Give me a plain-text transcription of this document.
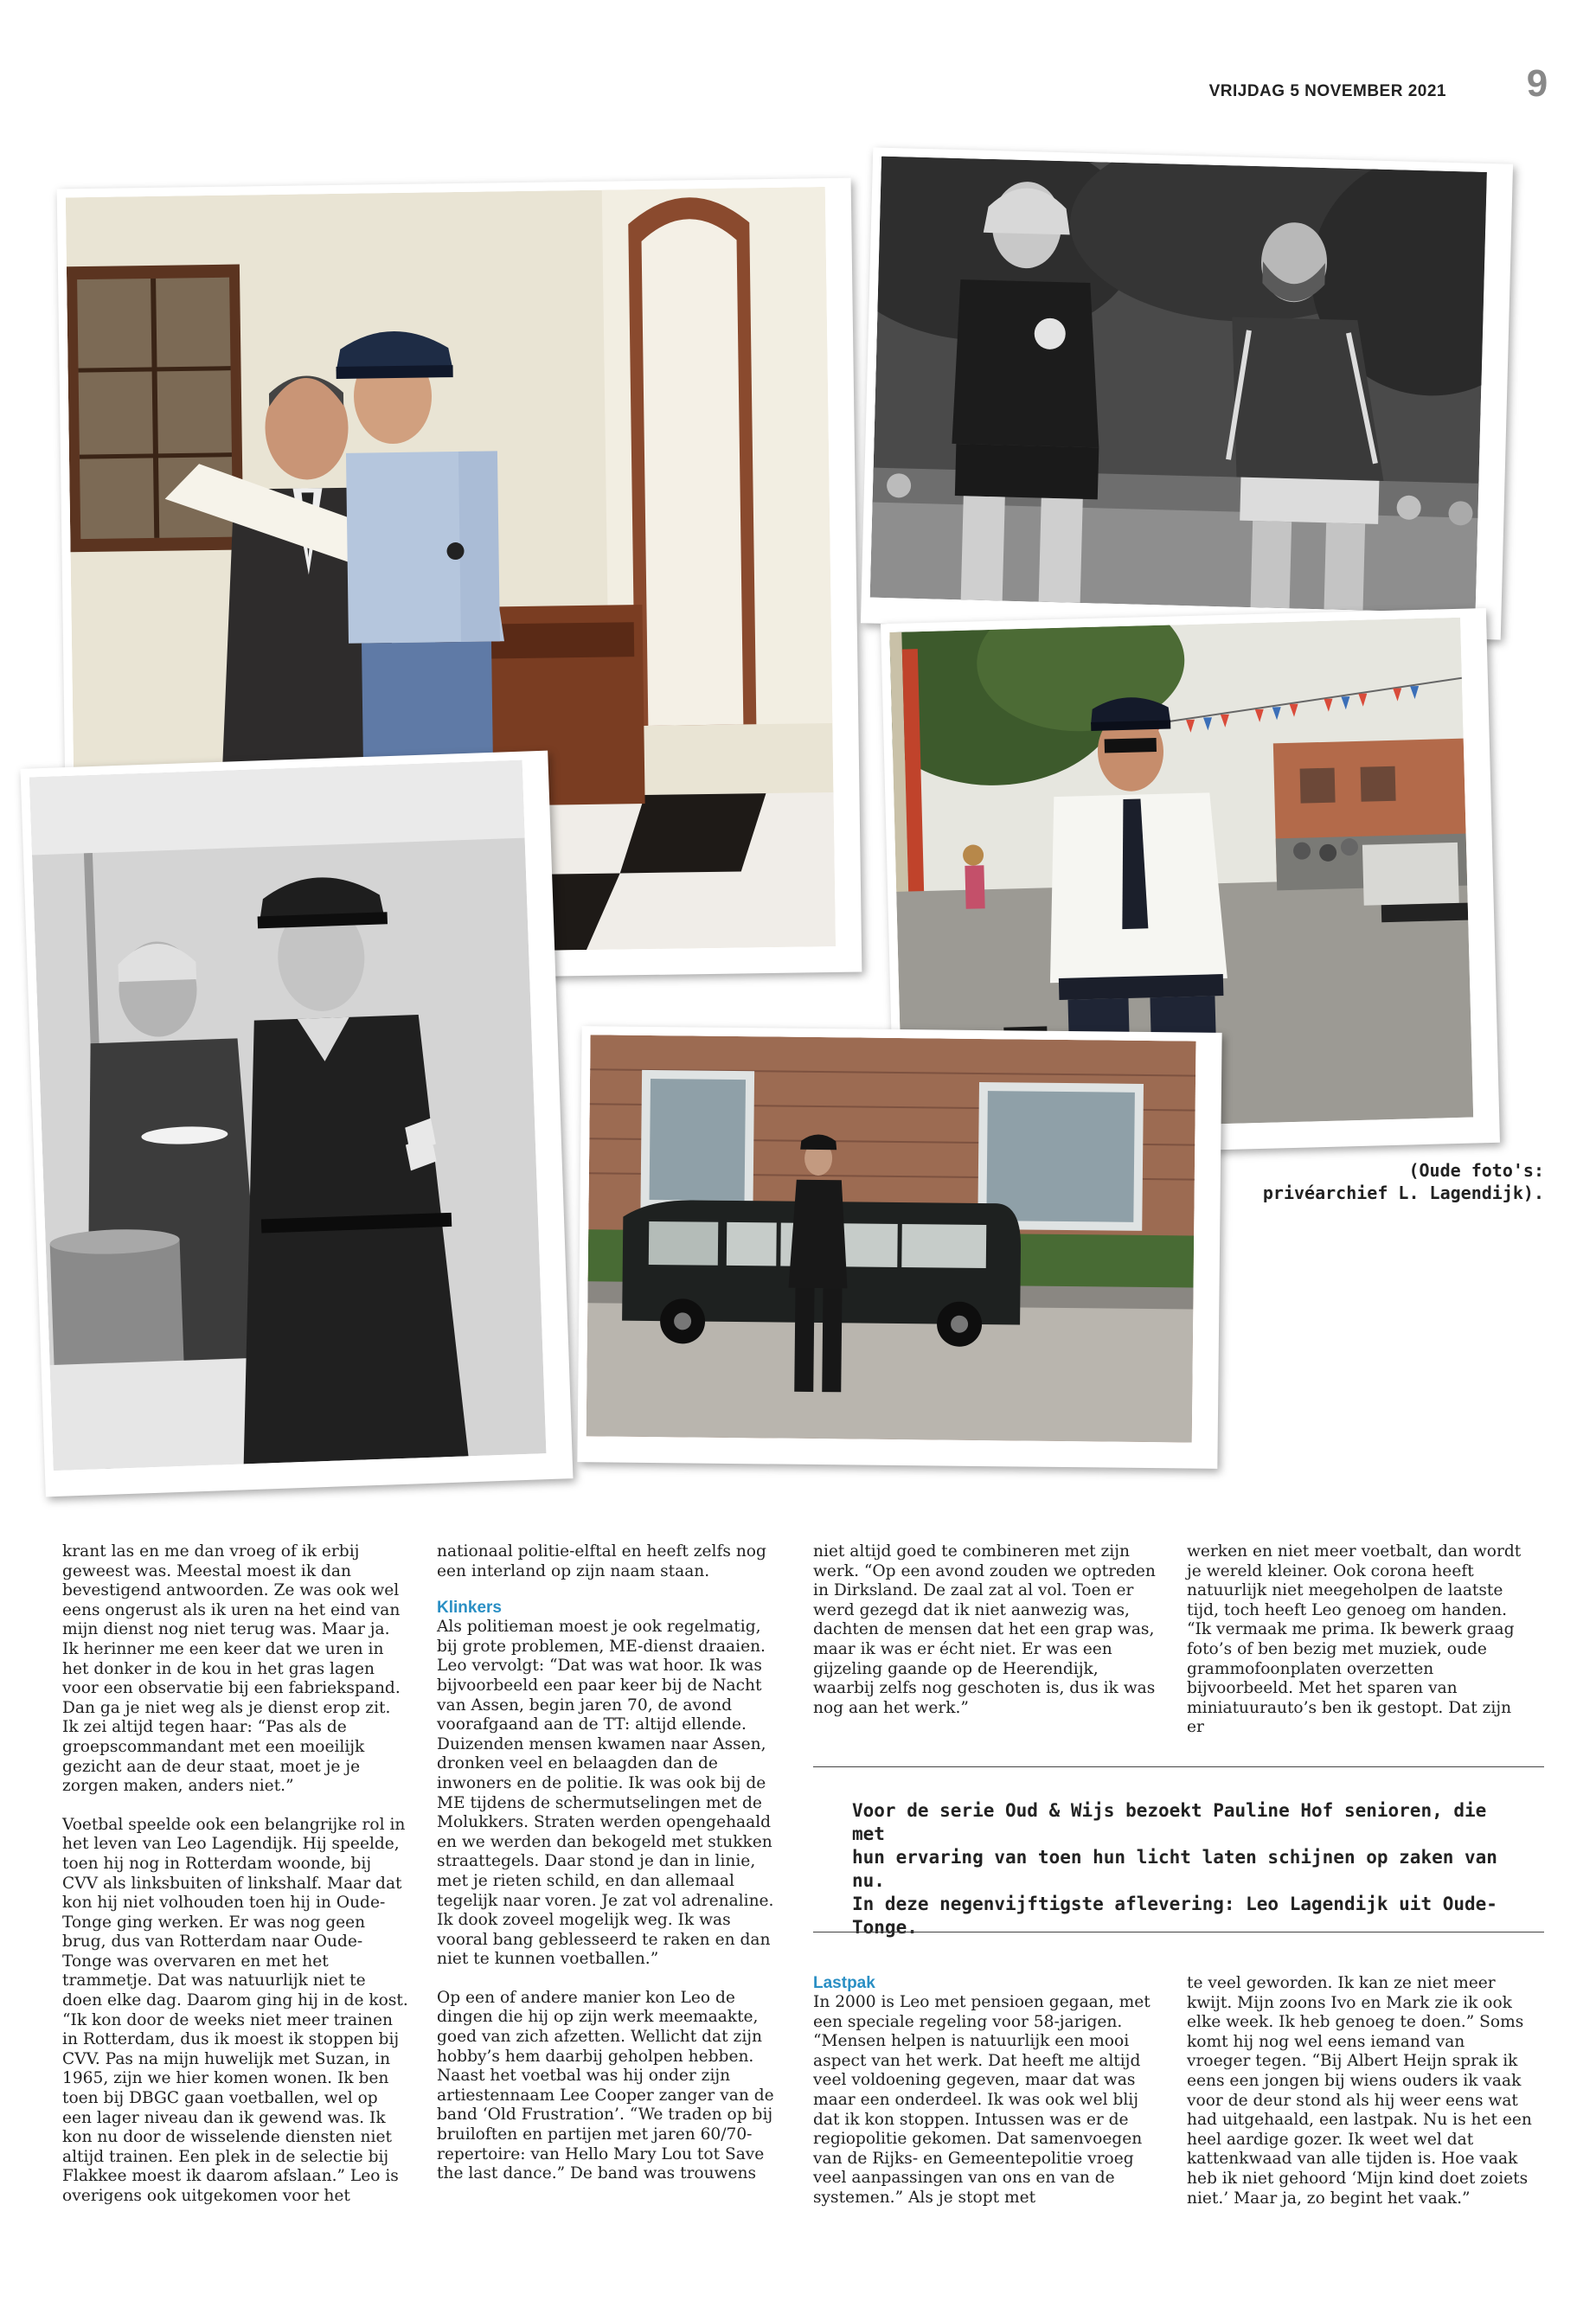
VRIJDAG 5 NOVEMBER 2021 9
(Oude foto's:
privéarchief L. Lagendijk).

krant las en me dan vroeg of ik erbij geweest was. Meestal moest ik dan bevestigend antwoorden. Ze was ook wel eens ongerust als ik uren na het eind van mijn dienst nog niet terug was. Maar ja. Ik herinner me een keer dat we uren in het donker in de kou in het gras lagen voor een observatie bij een fabriekspand. Dan ga je niet weg als je dienst erop zit. Ik zei altijd tegen haar: “Pas als de groepscommandant met een moeilijk gezicht aan de deur staat, moet je je zorgen maken, anders niet.”

Voetbal speelde ook een belangrijke rol in het leven van Leo Lagendijk. Hij speelde, toen hij nog in Rotterdam woonde, bij CVV als linksbuiten of linkshalf. Maar dat kon hij niet volhouden toen hij in Oude-Tonge ging werken. Er was nog geen brug, dus van Rotterdam naar Oude-Tonge was overvaren en met het trammetje. Dat was natuurlijk niet te doen elke dag. Daarom ging hij in de kost. “Ik kon door de weeks niet meer trainen in Rotterdam, dus ik moest ik stoppen bij CVV. Pas na mijn huwelijk met Suzan, in 1965, zijn we hier komen wonen. Ik ben toen bij DBGC gaan voetballen, wel op een lager niveau dan ik gewend was. Ik kon nu door de wisselende diensten niet altijd trainen. Een plek in de selectie bij Flakkee moest ik daarom afslaan.” Leo is overigens ook uitgekomen voor het

nationaal politie-elftal en heeft zelfs nog een interland op zijn naam staan.

Klinkers

Als politieman moest je ook regelmatig, bij grote problemen, ME-dienst draaien. Leo vervolgt: “Dat was wat hoor. Ik was bijvoorbeeld een paar keer bij de Nacht van Assen, begin jaren 70, de avond voorafgaand aan de TT: altijd ellende. Duizenden mensen kwamen naar Assen, dronken veel en belaagden dan de inwoners en de politie. Ik was ook bij de ME tijdens de schermutselingen met de Molukkers. Straten werden opengehaald en we werden dan bekogeld met stukken straattegels. Daar stond je dan in linie, met je rieten schild, en dan allemaal tegelijk naar voren. Je zat vol adrenaline. Ik dook zoveel mogelijk weg. Ik was vooral bang geblesseerd te raken en dan niet te kunnen voetballen.”

Op een of andere manier kon Leo de dingen die hij op zijn werk meemaakte, goed van zich afzetten. Wellicht dat zijn hobby’s hem daarbij geholpen hebben. Naast het voetbal was hij onder zijn artiestennaam Lee Cooper zanger van de band ‘Old Frustration’. “We traden op bij bruiloften en partijen met jaren 60/70-repertoire: van Hello Mary Lou tot Save the last dance.” De band was trouwens

niet altijd goed te combineren met zijn werk. “Op een avond zouden we optreden in Dirksland. De zaal zat al vol. Toen er werd gezegd dat ik niet aanwezig was, dachten de mensen dat het een grap was, maar ik was er écht niet. Er was een gijzeling gaande op de Heerendijk, waarbij zelfs nog geschoten is, dus ik was nog aan het werk.”

werken en niet meer voetbalt, dan wordt je wereld kleiner. Ook corona heeft natuurlijk niet meegeholpen de laatste tijd, toch heeft Leo genoeg om handen. “Ik vermaak me prima. Ik bewerk graag foto’s of ben bezig met muziek, oude grammofoonplaten overzetten bijvoorbeeld. Met het sparen van miniatuurauto’s ben ik gestopt. Dat zijn er

Voor de serie Oud & Wijs bezoekt Pauline Hof senioren, die met
hun ervaring van toen hun licht laten schijnen op zaken van nu.
In deze negenvijftigste aflevering: Leo Lagendijk uit Oude-Tonge.
Lastpak

In 2000 is Leo met pensioen gegaan, met een speciale regeling voor 58-jarigen. “Mensen helpen is natuurlijk een mooi aspect van het werk. Dat heeft me altijd veel voldoening gegeven, maar dat was maar een onderdeel. Ik was ook wel blij dat ik kon stoppen. Intussen was er de regiopolitie gekomen. Dat samenvoegen van de Rijks- en Gemeentepolitie vroeg veel aanpassingen van ons en van de systemen.” Als je stopt met

te veel geworden. Ik kan ze niet meer kwijt. Mijn zoons Ivo en Mark zie ik ook elke week. Ik heb genoeg te doen.” Soms komt hij nog wel eens iemand van vroeger tegen. “Bij Albert Heijn sprak ik eens een jongen bij wiens ouders ik vaak voor de deur stond als hij weer eens wat had uitgehaald, een lastpak. Nu is het een heel aardige gozer. Ik weet wel dat kattenkwaad van alle tijden is. Hoe vaak heb ik niet gehoord ‘Mijn kind doet zoiets niet.’ Maar ja, zo begint het vaak.”
